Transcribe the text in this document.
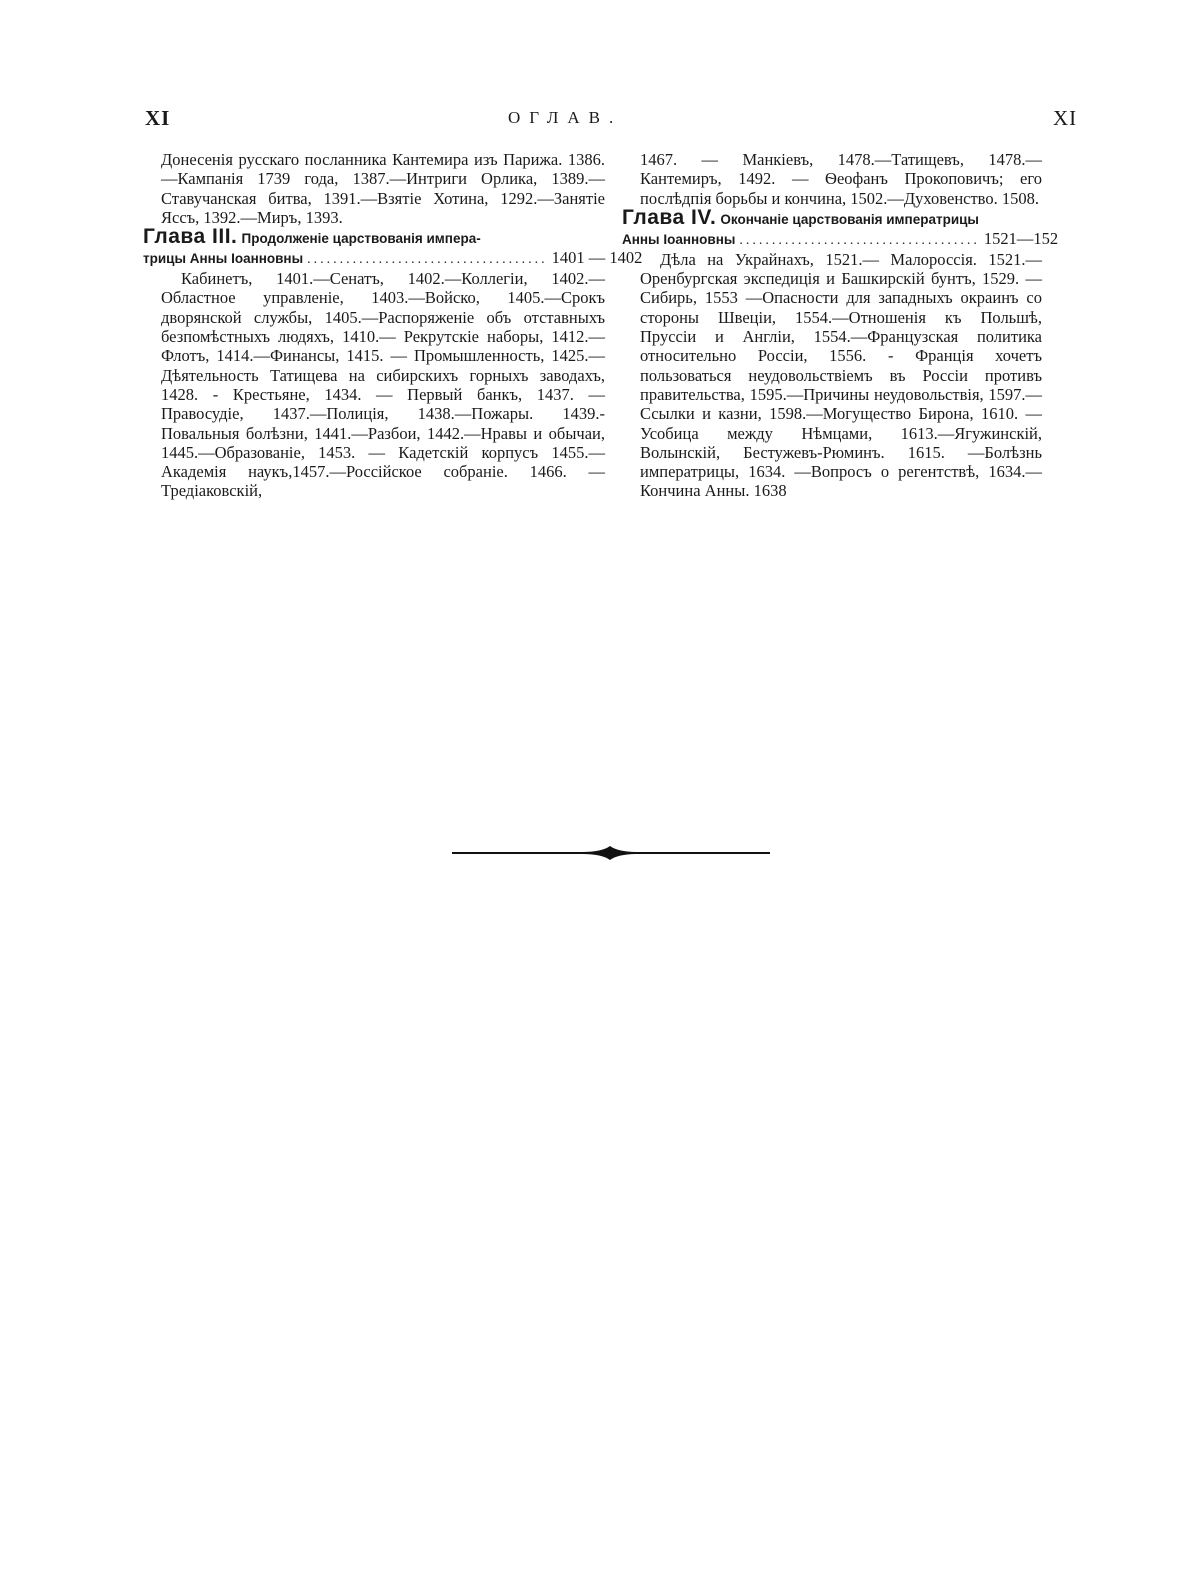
XI	ОГЛАВ.	XI

Донесенія русскаго посланника Кантемира изъ Парижа. 1386.—Кампанія 1739 года, 1387.—Интриги Орлика, 1389.—Ставучанская битва, 1391.—Взятіе Хотина, 1292.—Занятіе Яссъ, 1392.—Миръ, 1393.

Глава III. Продолженіе царствованія импера-
трицы Анны Іоанновны ..................................... 1401 — 1402

Кабинетъ, 1401.—Сенатъ, 1402.—Коллегіи, 1402.— Областное управленіе, 1403.—Войско, 1405.—Срокъ дворянской службы, 1405.—Распоряженіе объ отставныхъ безпомѣстныхъ людяхъ, 1410.— Рекрутскіе наборы, 1412.—Флотъ, 1414.—Финансы, 1415. — Промышленность, 1425.—Дѣятельность Татищева на сибирскихъ горныхъ заводахъ, 1428. - Крестьяне, 1434. — Первый банкъ, 1437. — Правосудіе, 1437.—Полиція, 1438.—Пожары. 1439.- Повальныя болѣзни, 1441.—Разбои, 1442.—Нравы и обычаи, 1445.—Образованіе, 1453. — Кадетскій корпусъ 1455.—Академія наукъ,1457.—Россійское собраніе. 1466. — Тредіаковскій,

1467. — Манкіевъ, 1478.—Татищевъ, 1478.—Кантемиръ, 1492. — Ѳеофанъ Прокоповичъ; его послѣдпія борьбы и кончина, 1502.—Духовенство. 1508.

Глава IV. Окончаніе царствованія императрицы
Анны Іоанновны ..................................... 1521—152

Дѣла на Украйнахъ, 1521.— Малороссія. 1521.—Оренбургская экспедиція и Башкирскій бунтъ, 1529. —Сибирь, 1553 —Опасности для западныхъ окраинъ со стороны Швеціи, 1554.—Отношенія къ Польшѣ, Пруссіи и Англіи, 1554.—Французская политика относительно Россіи, 1556. - Франція хочетъ пользоваться неудовольствіемъ въ Россіи противъ правительства, 1595.—Причины неудовольствія, 1597.—Ссылки и казни, 1598.—Могущество Бирона, 1610. — Усобица между Нѣмцами, 1613.—Ягужинскій, Волынскій, Бестужевъ-Рюминъ. 1615. —Болѣзнь императрицы, 1634. —Вопросъ о регентствѣ, 1634.— Кончина Анны. 1638
